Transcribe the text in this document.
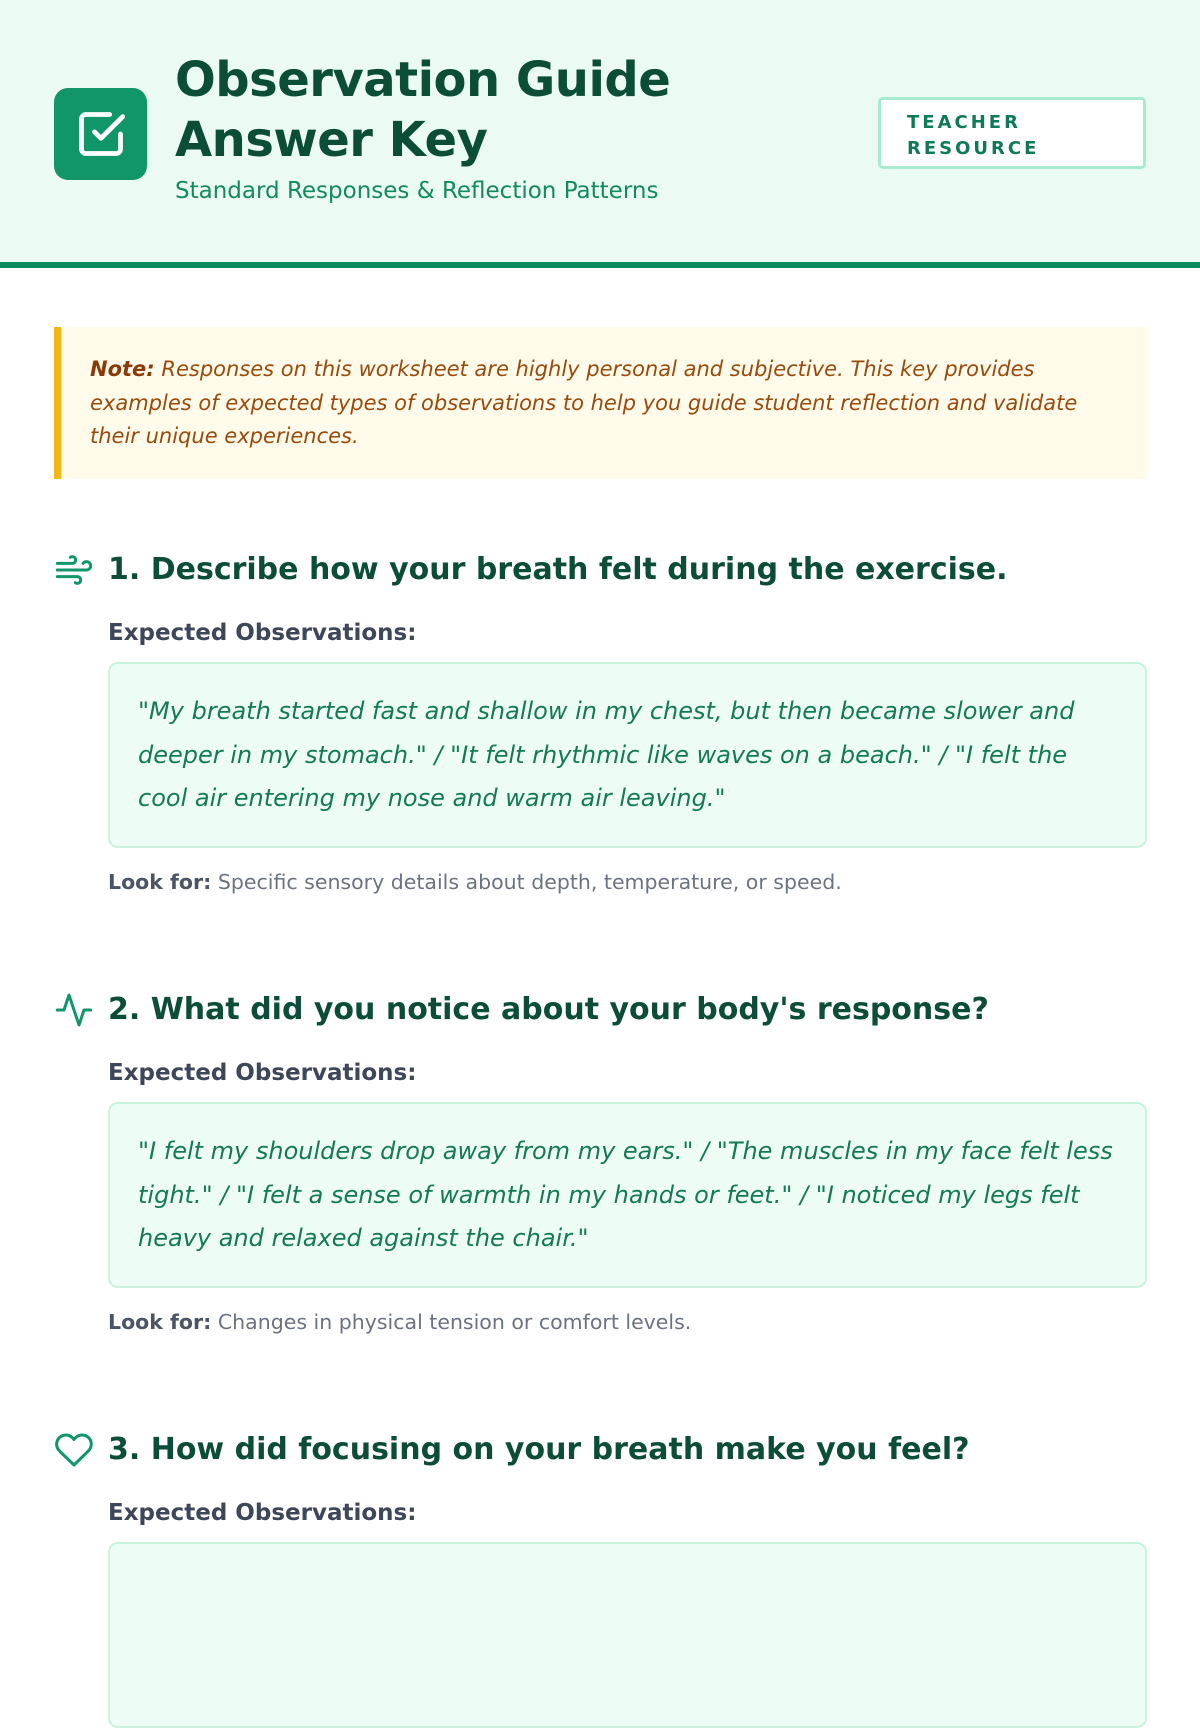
Observation Guide Answer Key
Standard Responses & Reflection Patterns
TEACHER RESOURCE
Note: Responses on this worksheet are highly personal and subjective. This key provides examples of expected types of observations to help you guide student reflection and validate their unique experiences.
1. Describe how your breath felt during the exercise.
Expected Observations:
"My breath started fast and shallow in my chest, but then became slower and deeper in my stomach." / "It felt rhythmic like waves on a beach." / "I felt the cool air entering my nose and warm air leaving."
Look for: Specific sensory details about depth, temperature, or speed.
2. What did you notice about your body's response?
Expected Observations:
"I felt my shoulders drop away from my ears." / "The muscles in my face felt less tight." / "I felt a sense of warmth in my hands or feet." / "I noticed my legs felt heavy and relaxed against the chair."
Look for: Changes in physical tension or comfort levels.
3. How did focusing on your breath make you feel?
Expected Observations:
